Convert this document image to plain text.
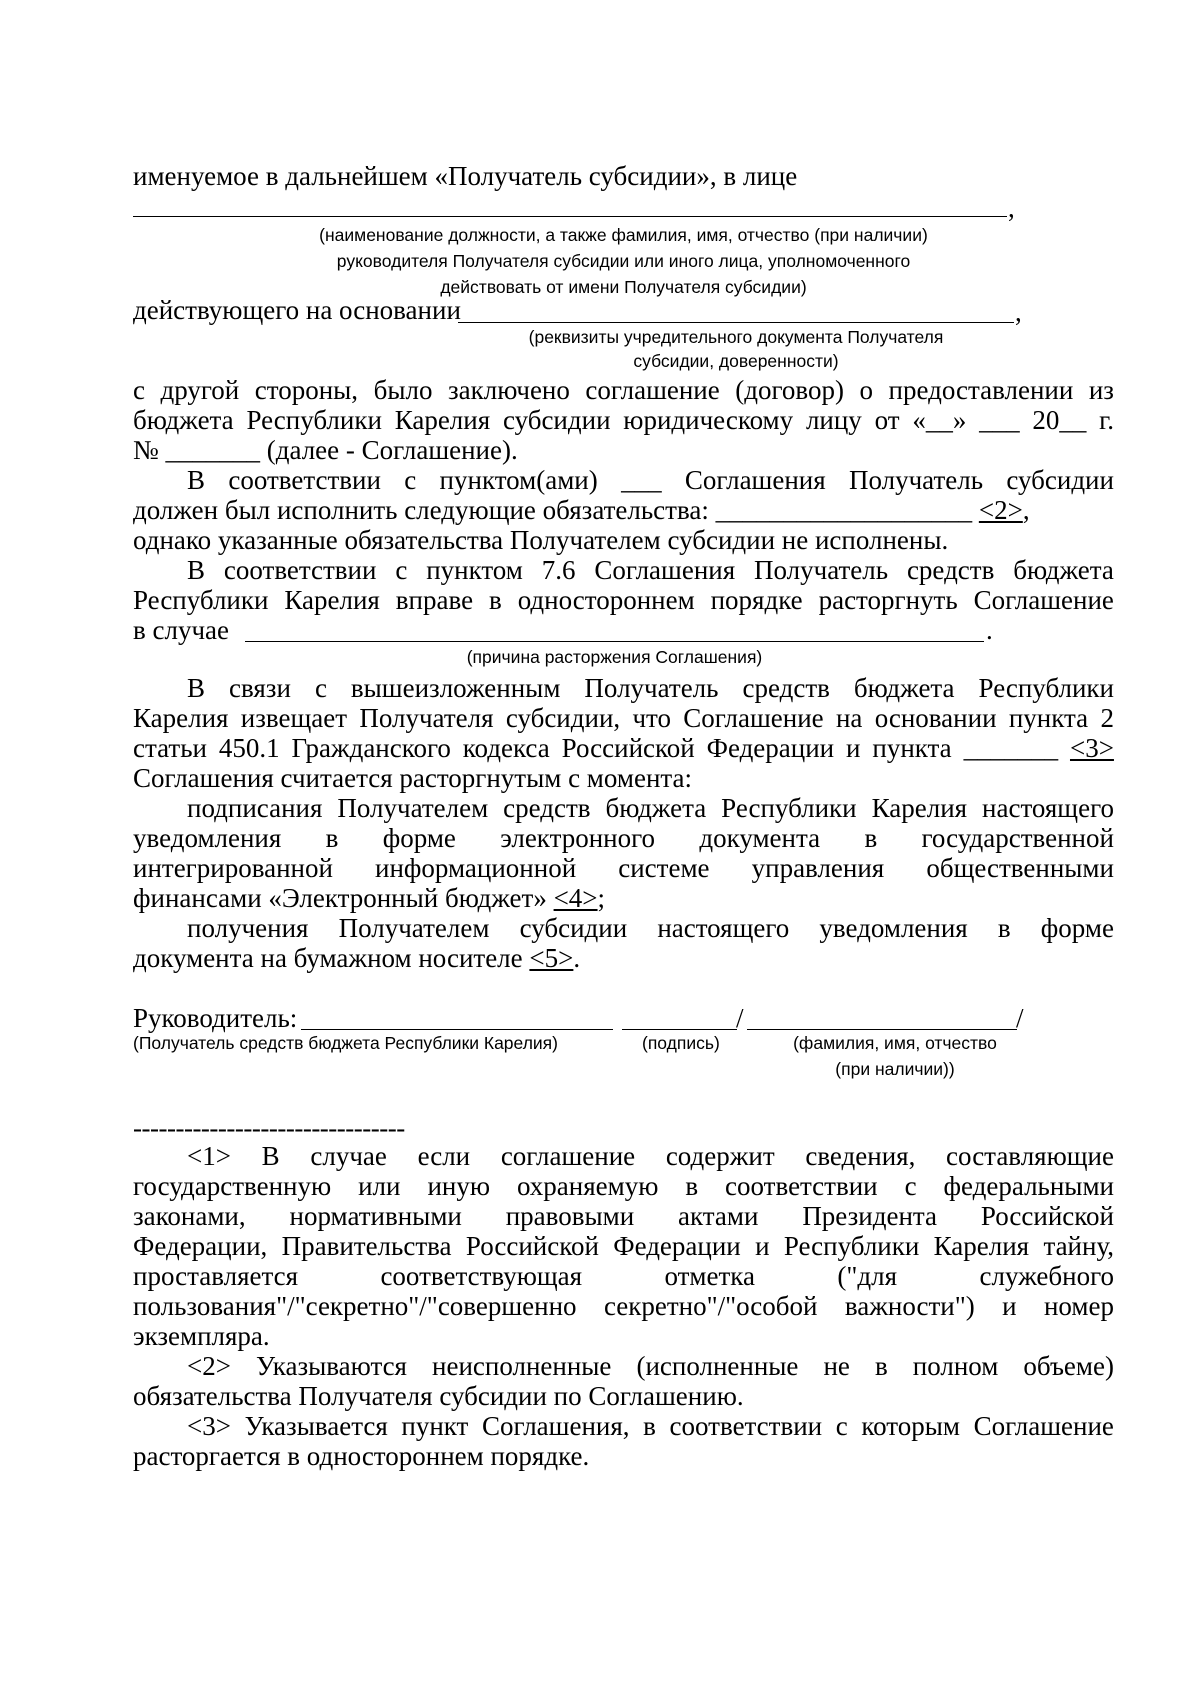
именуемое в дальнейшем «Получатель субсидии», в лице
,
(наименование должности, а также фамилия, имя, отчество (при наличии)
руководителя Получателя субсидии или иного лица, уполномоченного
действовать от имени Получателя субсидии)
действующего на основании	,
(реквизиты учредительного документа Получателя
субсидии, доверенности)
с другой стороны, было заключено соглашение (договор) о предоставлении из
бюджета Республики Карелия субсидии юридическому лицу от «__» ___ 20__ г.
№ _______ (далее - Соглашение).
В соответствии с пунктом(ами) ___ Соглашения Получатель субсидии
должен был исполнить следующие обязательства: ___________________ <2>,
однако указанные обязательства Получателем субсидии не исполнены.
В соответствии с пунктом 7.6 Соглашения Получатель средств бюджета
Республики Карелия вправе в одностороннем порядке расторгнуть Соглашение
в случае	.
(причина расторжения Соглашения)
В связи с вышеизложенным Получатель средств бюджета Республики
Карелия извещает Получателя субсидии, что Соглашение на основании пункта 2
статьи 450.1 Гражданского кодекса Российской Федерации и пункта _______ <3>
Соглашения считается расторгнутым с момента:
подписания Получателем средств бюджета Республики Карелия настоящего
уведомления в форме электронного документа в государственной
интегрированной информационной системе управления общественными
финансами «Электронный бюджет» <4>;
получения Получателем субсидии настоящего уведомления в форме
документа на бумажном носителе <5>.
Руководитель:	/	/
(Получатель средств бюджета Республики Карелия)	(подпись)	(фамилия, имя, отчество
(при наличии))
--------------------------------
<1> В случае если соглашение содержит сведения, составляющие
государственную или иную охраняемую в соответствии с федеральными
законами, нормативными правовыми актами Президента Российской
Федерации, Правительства Российской Федерации и Республики Карелия тайну,
проставляется	соответствующая	отметка	("для	служебного
пользования"/"секретно"/"совершенно секретно"/"особой важности") и номер
экземпляра.
<2> Указываются неисполненные (исполненные не в полном объеме)
обязательства Получателя субсидии по Соглашению.
<3> Указывается пункт Соглашения, в соответствии с которым Соглашение
расторгается в одностороннем порядке.
